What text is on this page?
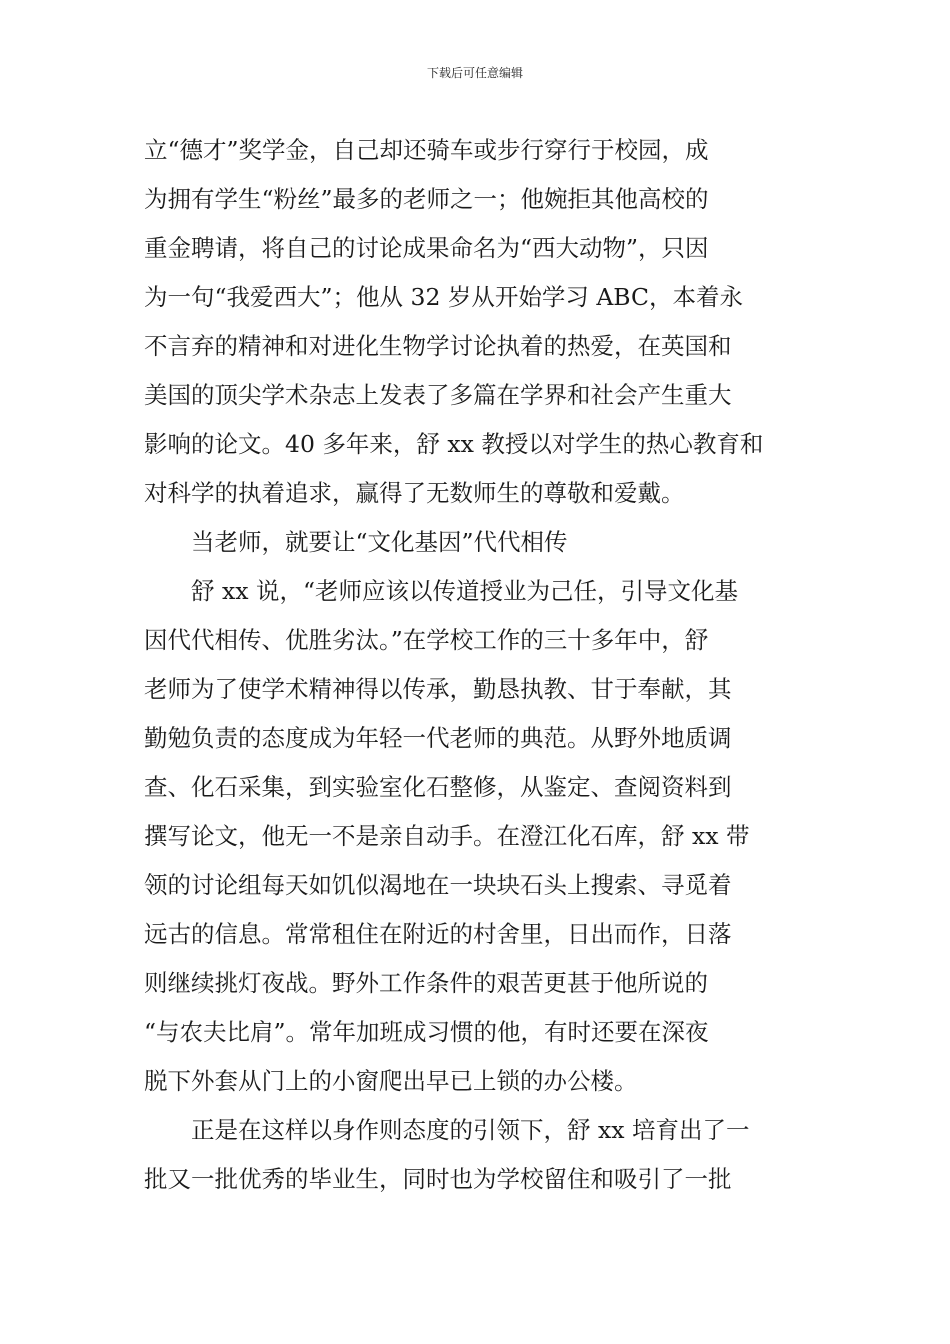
下载后可任意编辑
立“德才”奖学金，自己却还骑车或步行穿行于校园，成
为拥有学生“粉丝”最多的老师之一；他婉拒其他高校的
重金聘请，将自己的讨论成果命名为“西大动物”，只因
为一句“我爱西大”；他从 32 岁从开始学习 ABC，本着永
不言弃的精神和对进化生物学讨论执着的热爱，在英国和
美国的顶尖学术杂志上发表了多篇在学界和社会产生重大
影响的论文。40 多年来，舒 xx 教授以对学生的热心教育和
对科学的执着追求，赢得了无数师生的尊敬和爱戴。
当老师，就要让“文化基因”代代相传
舒 xx 说，“老师应该以传道授业为己任，引导文化基
因代代相传、优胜劣汰。”在学校工作的三十多年中，舒
老师为了使学术精神得以传承，勤恳执教、甘于奉献，其
勤勉负责的态度成为年轻一代老师的典范。从野外地质调
查、化石采集，到实验室化石整修，从鉴定、查阅资料到
撰写论文，他无一不是亲自动手。在澄江化石库，舒 xx 带
领的讨论组每天如饥似渴地在一块块石头上搜索、寻觅着
远古的信息。常常租住在附近的村舍里，日出而作，日落
则继续挑灯夜战。野外工作条件的艰苦更甚于他所说的
“与农夫比肩”。常年加班成习惯的他，有时还要在深夜
脱下外套从门上的小窗爬出早已上锁的办公楼。
正是在这样以身作则态度的引领下，舒 xx 培育出了一
批又一批优秀的毕业生，同时也为学校留住和吸引了一批
